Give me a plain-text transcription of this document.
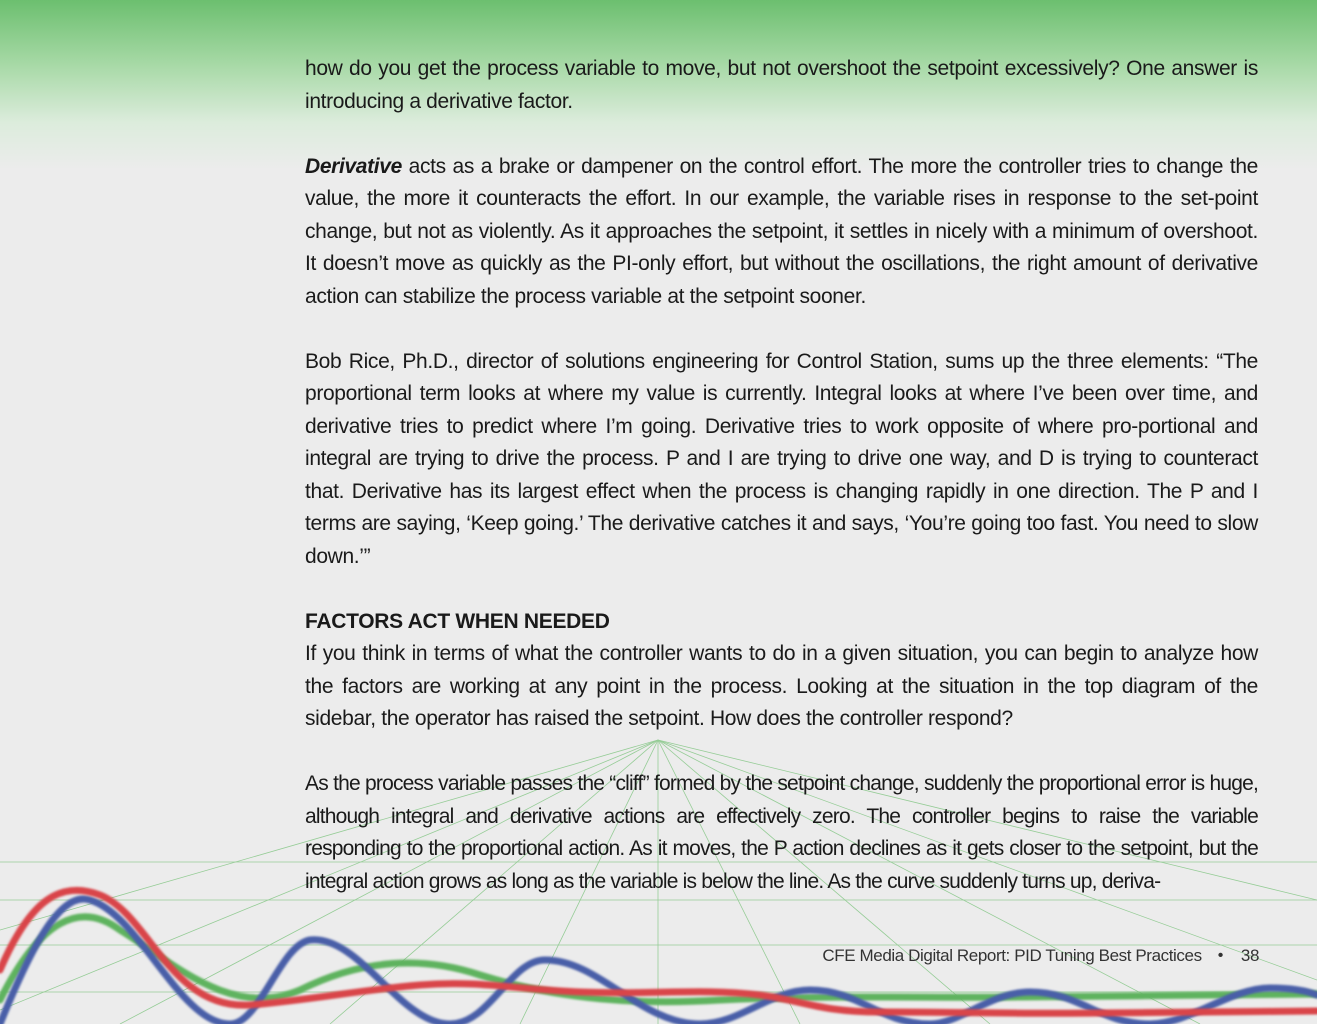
how do you get the process variable to move, but not overshoot the setpoint excessively? One answer is introducing a derivative factor.

Derivative acts as a brake or dampener on the control effort. The more the controller tries to change the value, the more it counteracts the effort. In our example, the variable rises in response to the set-point change, but not as violently. As it approaches the setpoint, it settles in nicely with a minimum of overshoot. It doesn’t move as quickly as the PI-only effort, but without the oscillations, the right amount of derivative action can stabilize the process variable at the setpoint sooner.

Bob Rice, Ph.D., director of solutions engineering for Control Station, sums up the three elements: “The proportional term looks at where my value is currently. Integral looks at where I’ve been over time, and derivative tries to predict where I’m going. Derivative tries to work opposite of where pro-portional and integral are trying to drive the process. P and I are trying to drive one way, and D is trying to counteract that. Derivative has its largest effect when the process is changing rapidly in one direction. The P and I terms are saying, ‘Keep going.’ The derivative catches it and says, ‘You’re going too fast. You need to slow down.’”

FACTORS ACT WHEN NEEDED

If you think in terms of what the controller wants to do in a given situation, you can begin to analyze how the factors are working at any point in the process. Looking at the situation in the top diagram of the sidebar, the operator has raised the setpoint. How does the controller respond?

As the process variable passes the “cliff” formed by the setpoint change, suddenly the proportional error is huge, although integral and derivative actions are effectively zero. The controller begins to raise the variable responding to the proportional action. As it moves, the P action declines as it gets closer to the setpoint, but the integral action grows as long as the variable is below the line. As the curve suddenly turns up, deriva-

CFE Media Digital Report: PID Tuning Best Practices • 38
